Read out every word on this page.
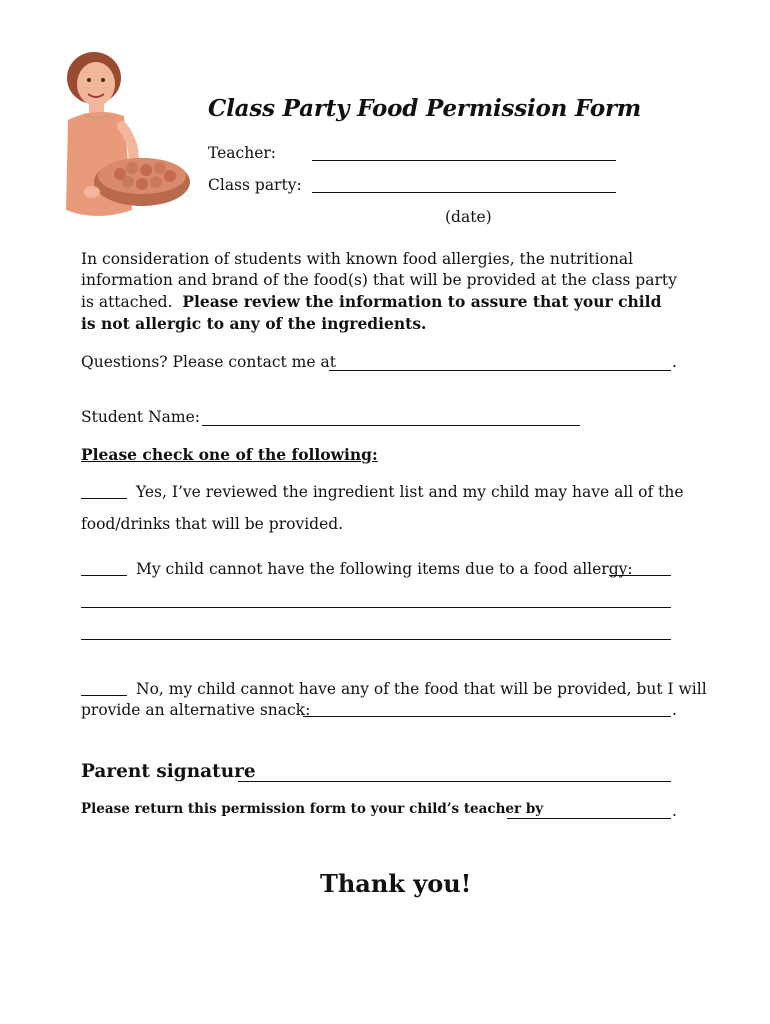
Class Party Food Permission Form
Teacher:
Class party:
(date)
In consideration of students with known food allergies, the nutritional information and brand of the food(s) that will be provided at the class party is attached. Please review the information to assure that your child is not allergic to any of the ingredients.
Questions? Please contact me at	.
Student Name:
Please check one of the following:
Yes, I’ve reviewed the ingredient list and my child may have all of the
food/drinks that will be provided.
My child cannot have the following items due to a food allergy:
No, my child cannot have any of the food that will be provided, but I will
provide an alternative snack:	.
Parent signature
Please return this permission form to your child’s teacher by	.
Thank you!
